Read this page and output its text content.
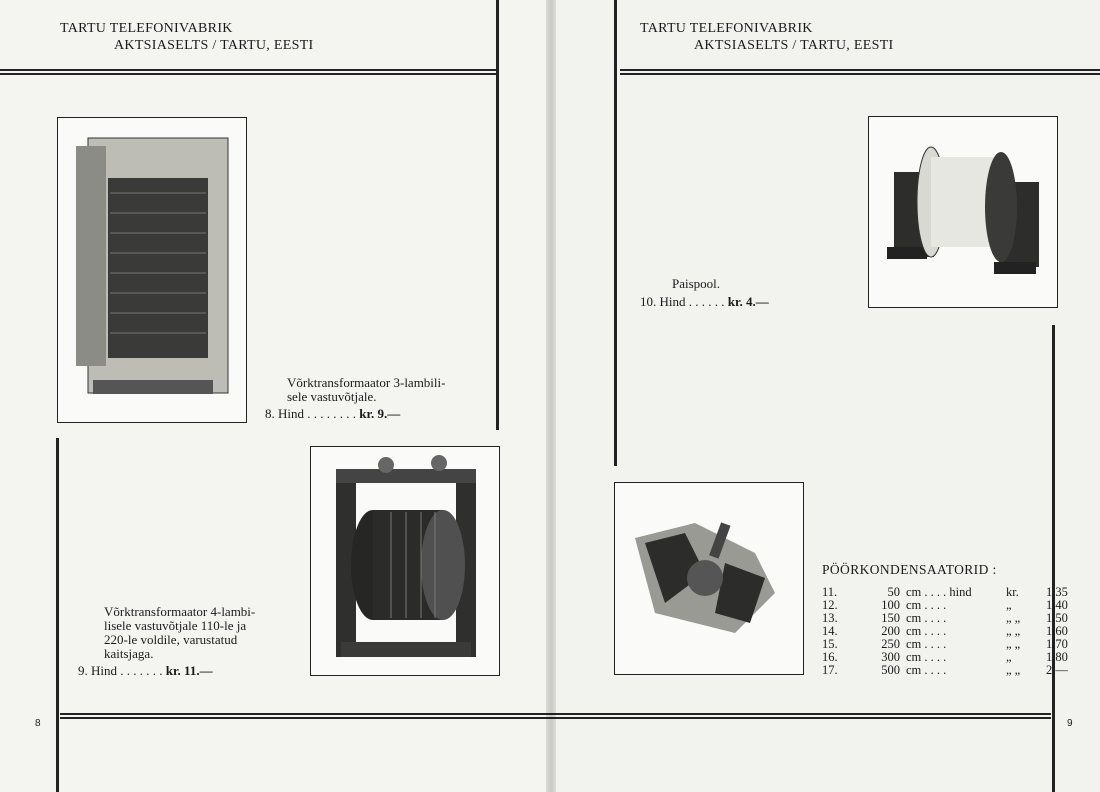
TARTU TELEFONIVABRIK
AKTSIASELTS / TARTU, EESTI
Võrktransformaator 3-lambili-
sele vastuvõtjale.
8. Hind . . . . . . . . kr. 9.—
Võrktransformaator 4-lambi-
lisele vastuvõtjale 110-le ja
220-le voldile, varustatud
kaitsjaga.
9. Hind . . . . . . . kr. 11.—
8
TARTU TELEFONIVABRIK
AKTSIASELTS / TARTU, EESTI
Paispool.
10. Hind . . . . . . kr. 4.—
PÖÖRKONDENSAATORID :
11.	50 cm . . . . hind	kr. 1.35
12.	100 cm . . . .	„	1.40
13.	150 cm . . . .	„ „ 1.50
14.	200 cm . . . .	„ „ 1.60
15.	250 cm . . . .	„ „ 1.70
16.	300 cm . . . .	„	1.80
17.	500 cm . . . .	„ „ 2.—
9
